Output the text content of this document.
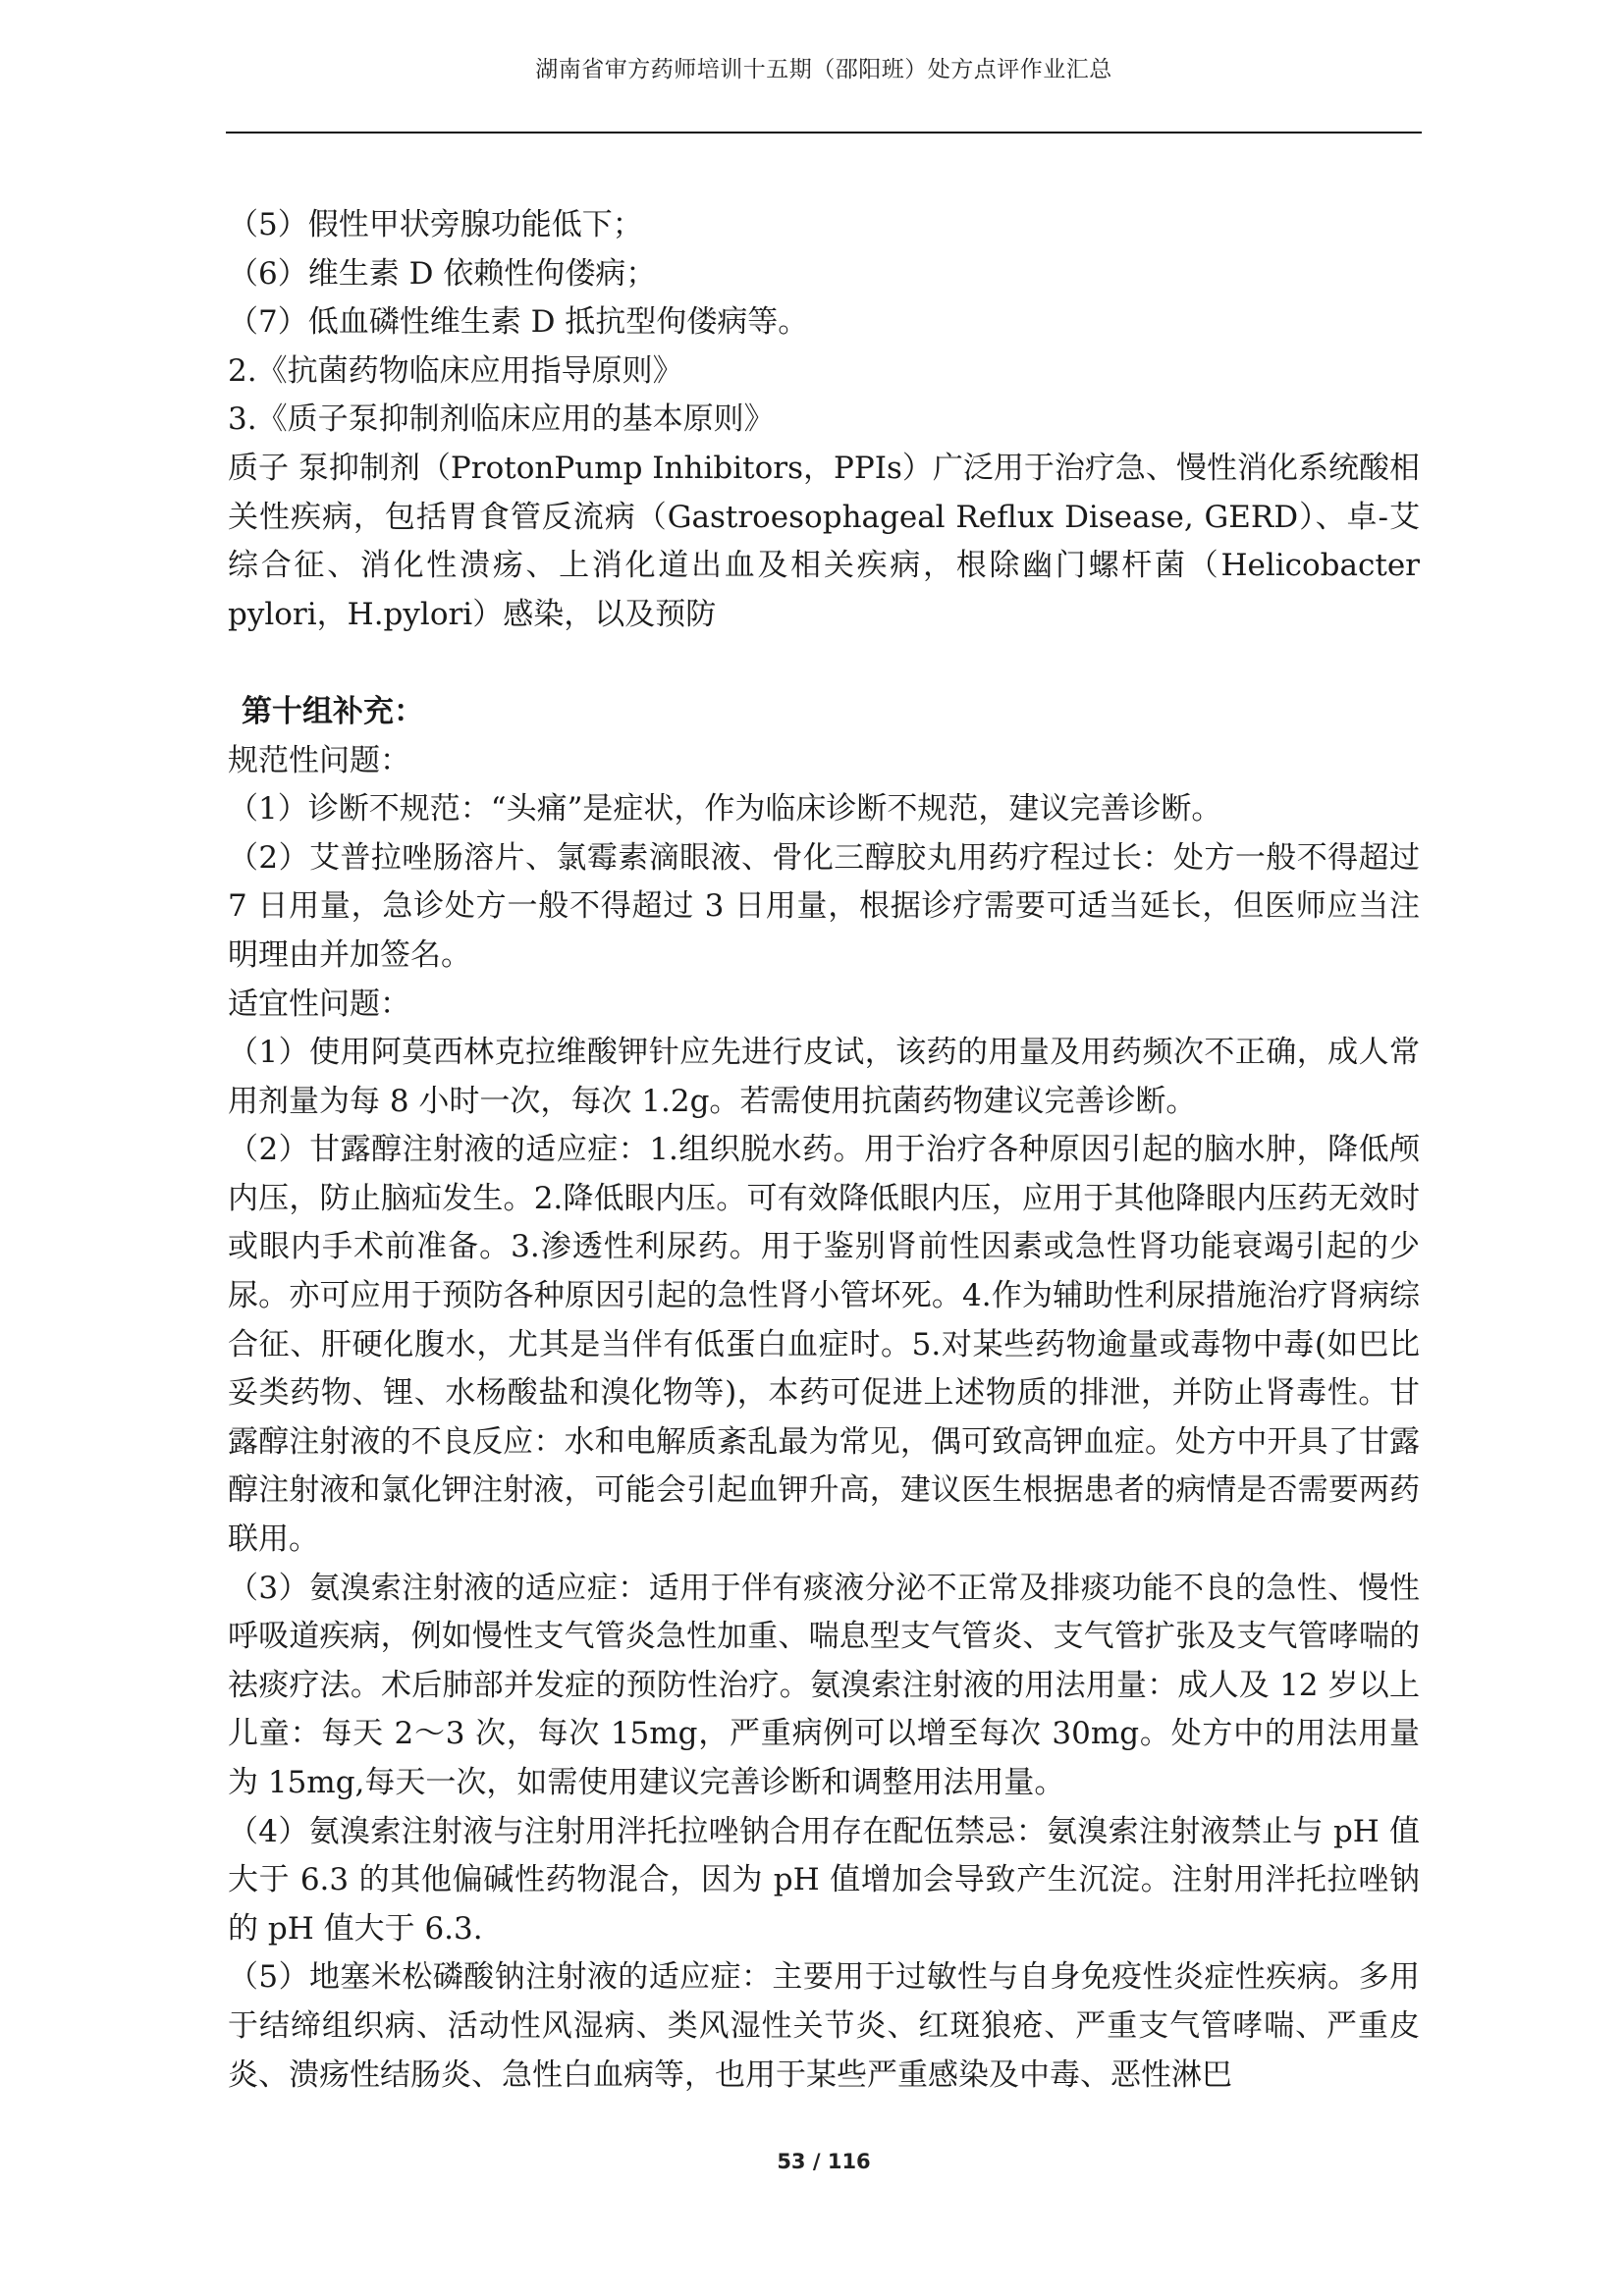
湖南省审方药师培训十五期（邵阳班）处方点评作业汇总

（5）假性甲状旁腺功能低下；

（6）维生素 D 依赖性佝偻病；

（7）低血磷性维生素 D 抵抗型佝偻病等。

2.《抗菌药物临床应用指导原则》

3.《质子泵抑制剂临床应用的基本原则》

质子 泵抑制剂（ProtonPump Inhibitors，PPIs）广泛用于治疗急、慢性消化系统酸相关性疾病，包括胃食管反流病（Gastroesophageal Reflux Disease, GERD）、卓-艾综合征、消化性溃疡、上消化道出血及相关疾病，根除幽门螺杆菌（Helicobacter pylori，H.pylori）感染，以及预防

第十组补充：

规范性问题：

（1）诊断不规范：“头痛”是症状，作为临床诊断不规范，建议完善诊断。

（2）艾普拉唑肠溶片、氯霉素滴眼液、骨化三醇胶丸用药疗程过长：处方一般不得超过 7 日用量，急诊处方一般不得超过 3 日用量，根据诊疗需要可适当延长，但医师应当注明理由并加签名。

适宜性问题：

（1）使用阿莫西林克拉维酸钾针应先进行皮试，该药的用量及用药频次不正确，成人常用剂量为每 8 小时一次，每次 1.2g。若需使用抗菌药物建议完善诊断。

（2）甘露醇注射液的适应症：1.组织脱水药。用于治疗各种原因引起的脑水肿，降低颅内压，防止脑疝发生。2.降低眼内压。可有效降低眼内压，应用于其他降眼内压药无效时或眼内手术前准备。3.渗透性利尿药。用于鉴别肾前性因素或急性肾功能衰竭引起的少尿。亦可应用于预防各种原因引起的急性肾小管坏死。4.作为辅助性利尿措施治疗肾病综合征、肝硬化腹水，尤其是当伴有低蛋白血症时。5.对某些药物逾量或毒物中毒(如巴比妥类药物、锂、水杨酸盐和溴化物等)，本药可促进上述物质的排泄，并防止肾毒性。甘露醇注射液的不良反应：水和电解质紊乱最为常见，偶可致高钾血症。处方中开具了甘露醇注射液和氯化钾注射液，可能会引起血钾升高，建议医生根据患者的病情是否需要两药联用。

（3）氨溴索注射液的适应症：适用于伴有痰液分泌不正常及排痰功能不良的急性、慢性呼吸道疾病，例如慢性支气管炎急性加重、喘息型支气管炎、支气管扩张及支气管哮喘的祛痰疗法。术后肺部并发症的预防性治疗。氨溴索注射液的用法用量：成人及 12 岁以上儿童：每天 2～3 次，每次 15mg，严重病例可以增至每次 30mg。处方中的用法用量为 15mg,每天一次，如需使用建议完善诊断和调整用法用量。

（4）氨溴索注射液与注射用泮托拉唑钠合用存在配伍禁忌：氨溴索注射液禁止与 pH 值大于 6.3 的其他偏碱性药物混合，因为 pH 值增加会导致产生沉淀。注射用泮托拉唑钠的 pH 值大于 6.3.

（5）地塞米松磷酸钠注射液的适应症：主要用于过敏性与自身免疫性炎症性疾病。多用于结缔组织病、活动性风湿病、类风湿性关节炎、红斑狼疮、严重支气管哮喘、严重皮炎、溃疡性结肠炎、急性白血病等，也用于某些严重感染及中毒、恶性淋巴

53 / 116
